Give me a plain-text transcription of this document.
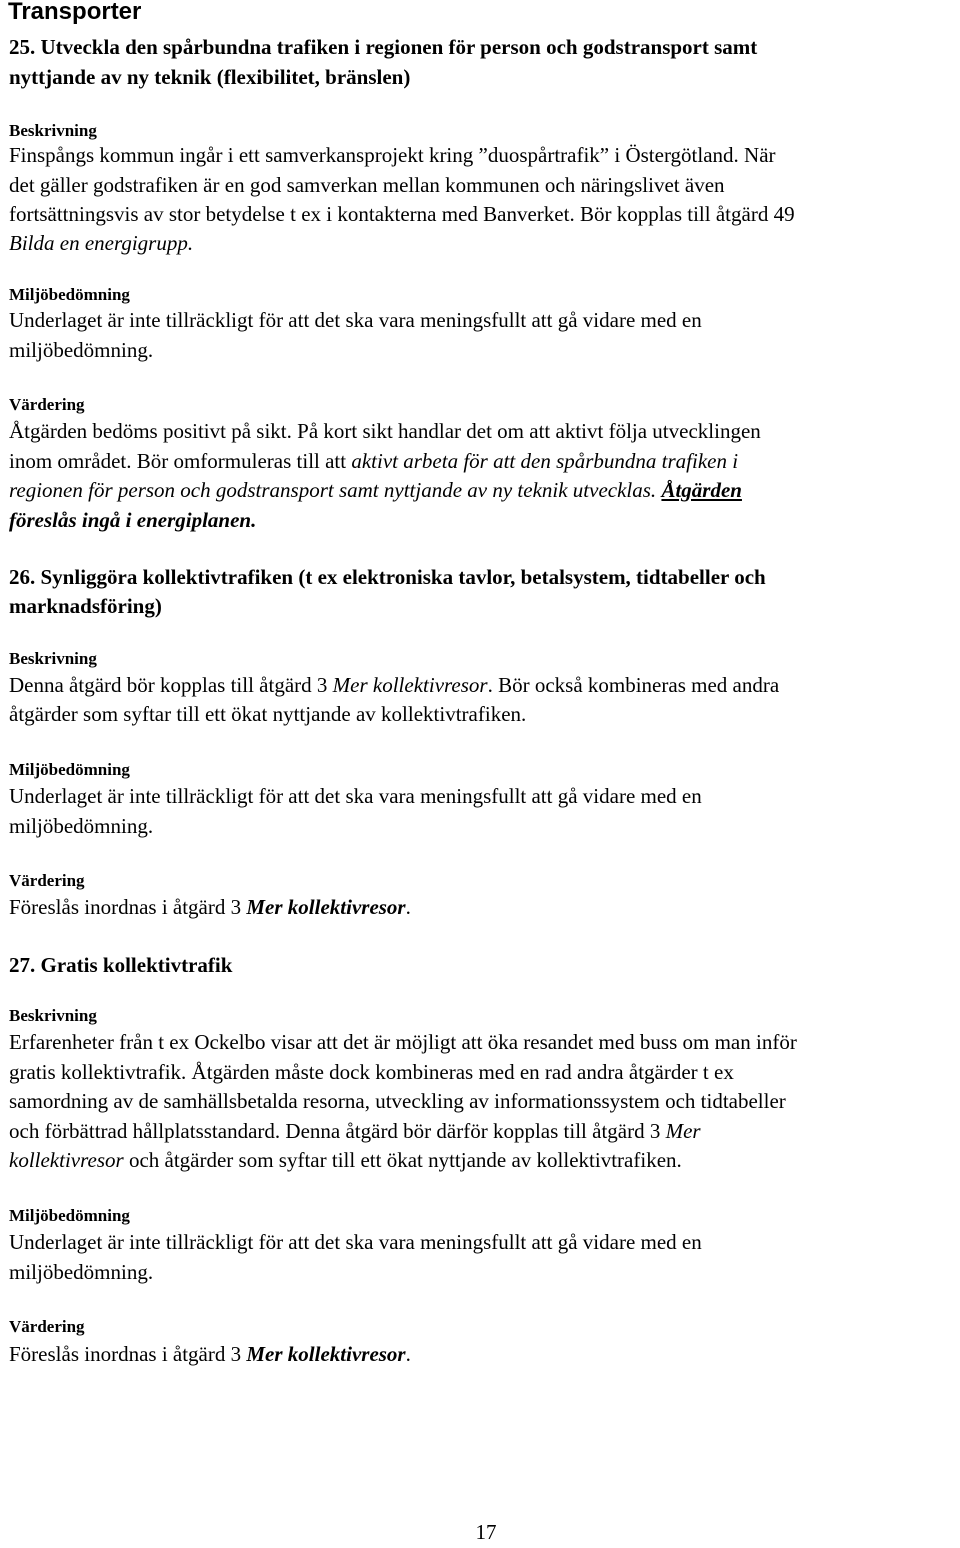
Transporter
25. Utveckla den spårbundna trafiken i regionen för person och godstransport samt
nyttjande av ny teknik (flexibilitet, bränslen)
Beskrivning
Finspångs kommun ingår i ett samverkansprojekt kring ”duospårtrafik” i Östergötland. När
det gäller godstrafiken är en god samverkan mellan kommunen och näringslivet även
fortsättningsvis av stor betydelse t ex i kontakterna med Banverket. Bör kopplas till åtgärd 49
Bilda en energigrupp.
Miljöbedömning
Underlaget är inte tillräckligt för att det ska vara meningsfullt att gå vidare med en
miljöbedömning.
Värdering
Åtgärden bedöms positivt på sikt. På kort sikt handlar det om att aktivt följa utvecklingen
inom området. Bör omformuleras till att aktivt arbeta för att den spårbundna trafiken i
regionen för person och godstransport samt nyttjande av ny teknik utvecklas. Åtgärden
föreslås ingå i energiplanen.
26. Synliggöra kollektivtrafiken (t ex elektroniska tavlor, betalsystem, tidtabeller och
marknadsföring)
Beskrivning
Denna åtgärd bör kopplas till åtgärd 3 Mer kollektivresor. Bör också kombineras med andra
åtgärder som syftar till ett ökat nyttjande av kollektivtrafiken.
Miljöbedömning
Underlaget är inte tillräckligt för att det ska vara meningsfullt att gå vidare med en
miljöbedömning.
Värdering
Föreslås inordnas i åtgärd 3 Mer kollektivresor.
27. Gratis kollektivtrafik
Beskrivning
Erfarenheter från t ex Ockelbo visar att det är möjligt att öka resandet med buss om man inför
gratis kollektivtrafik. Åtgärden måste dock kombineras med en rad andra åtgärder t ex
samordning av de samhällsbetalda resorna, utveckling av informationssystem och tidtabeller
och förbättrad hållplatsstandard. Denna åtgärd bör därför kopplas till åtgärd 3 Mer
kollektivresor och åtgärder som syftar till ett ökat nyttjande av kollektivtrafiken.
Miljöbedömning
Underlaget är inte tillräckligt för att det ska vara meningsfullt att gå vidare med en
miljöbedömning.
Värdering
Föreslås inordnas i åtgärd 3 Mer kollektivresor.
17
